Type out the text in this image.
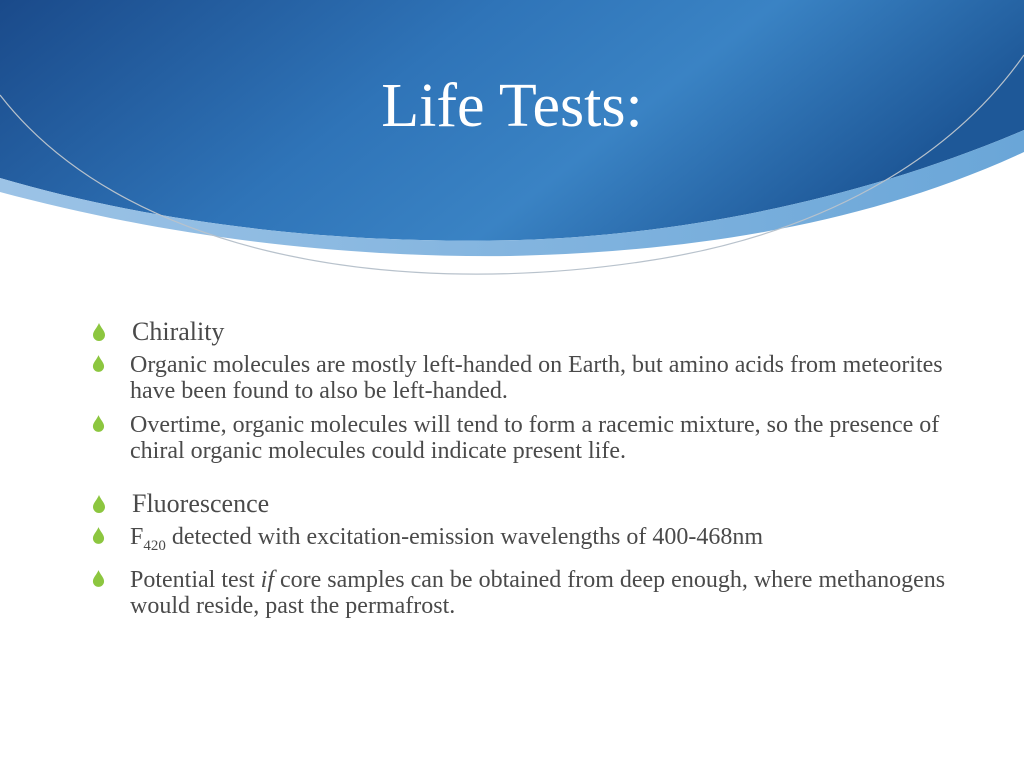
Life Tests:
Chirality
Organic molecules are mostly left-handed on Earth, but amino acids from meteorites have been found to also be left-handed.
Overtime, organic molecules will tend to form a racemic mixture, so the presence of chiral organic molecules could indicate present life.
Fluorescence
$F_{420}$ detected with excitation-emission wavelengths of 400-468nm
Potential test if core samples can be obtained from deep enough, where methanogens would reside, past the permafrost.
